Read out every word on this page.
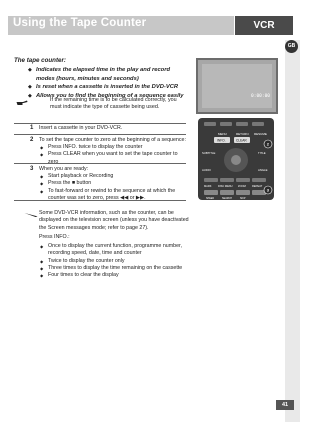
Using the Tape Counter	VCR
GB
The tape counter:
◆ Indicates the elapsed time in the play and record modes (hours, minutes and seconds)
◆ Is reset when a cassette is inserted in the DVD-VCR
◆ Allows you to find the beginning of a sequence easily
If the remaining time is to be calculated correctly, you must indicate the type of cassette being used.
1 Insert a cassette in your DVD-VCR.
2 To set the tape counter to zero at the beginning of a sequence:
◆ Press INFO. twice to display the counter
◆ Press CLEAR when you want to set the tape counter to zero
3 When you are ready:
◆ Start playback or Recording
◆ Press the ■ button
◆ To fast-forward or rewind to the sequence at which the counter was set to zero, press ◀◀ or ▶▶.
0:00:00
MENU	RETURN RESUME
INFO.	CLEAR
SUBTITLE	TITLE
AUDIO	ANGLE
MARK	DISC MENU ZOOM REPEAT
SPEED	SEARCH	SKIP
2
3

Some DVD-VCR information, such as the counter, can be displayed on the television screen (unless you have deactivated the Screen messages mode; refer to page 27).

Press INFO.:

◆ Once to display the current function, programme number, recording speed, date, time and counter
◆ Twice to display the counter only
◆ Three times to display the time remaining on the cassette
◆ Four times to clear the display
41
